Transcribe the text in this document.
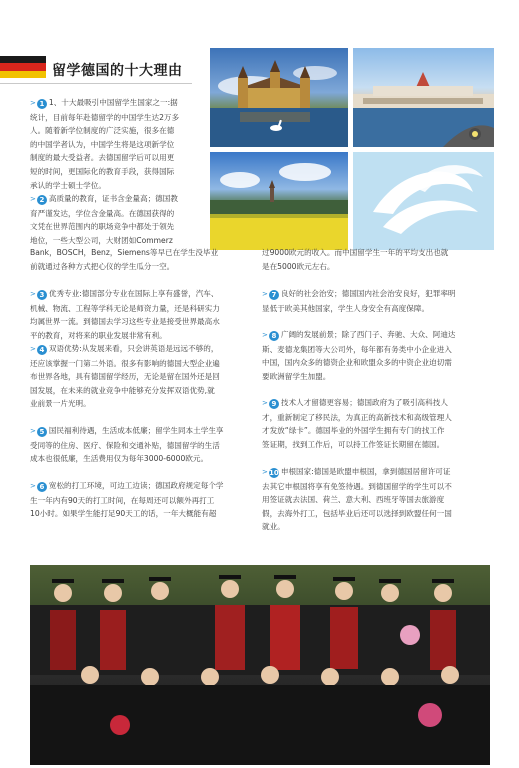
留学德国的十大理由
> 1 1、十大最吸引中国留学生国家之一:据
统计，目前每年赴德留学的中国学生达2万多
人。随着新学位制度的广泛实施，很多在德
的中国学者认为，中国学生将是这项新学位
制度的最大受益者。去德国留学后可以用更
短的时间，更国际化的教育手段，获得国际
承认的学士硕士学位。
> 2 高质量的教育，证书含金量高；德国教
育严谨发达，学位含金量高。在德国获得的
文凭在世界范围内的职场竞争中都处于领先
地位，一些大型公司，大财团如Commerz
Bank，BOSCH，Benz，Siemens等早已在学生没毕业
前就通过各种方式把心仪的学生瓜分一空。
> 3 优秀专业:德国部分专业在国际上享有盛誉，汽车、
机械、物流、工程等学科无论是师资力量，还是科研实力
均属世界一流。到德国去学习这些专业是接受世界最高水
平的教育，对将来的职业发展非常有利。
> 4 双语优势:从发展来看，只会讲英语是远远不够的，
还应该掌握一门第二外语。很多有影响的德国大型企业遍
布世界各地，具有德国留学经历，无论是留在国外还是回
国发展，在未来的就业竞争中能够充分发挥双语优势,就
业前景一片光明。
> 5 国民福利待遇，生活成本低廉；留学生同本土学生享
受同等的住房、医疗、保险和交通补贴，德国留学的生活
成本也很低廉，生活费用仅为每年3000-6000欧元。
> 6 宽松的打工环境，可边工边读；德国政府规定每个学
生一年内有90天的打工时间，在每周还可以额外再打工
10小时。如果学生能打足90天工的话，一年大概能有超
过9000欧元的收入。而中国留学生一年的平均支出也就
是在5000欧元左右。
> 7 良好的社会治安；德国国内社会治安良好，犯罪率明
显低于欧美其他国家，学生人身安全有高度保障。
> 8 广阔的发展前景；除了西门子、奔驰、大众、阿迪达
斯、麦德龙集团等大公司外，每年都有务类中小企业进入
中国，国内众多的德资企业和欧盟众多的中资企业迫切需
要欧洲留学生加盟。
> 9 技术人才留德更容易；德国政府为了吸引高科技人
才，重新制定了移民法，为真正的高新技术和高级管理人
才发放“绿卡”。德国毕业的外国学生拥有专门的找工作
签证期，找到工作后，可以持工作签证长期留在德国。
>10 申根国家:德国是欧盟申根国，拿到德国居留许可证
去其它申根国将享有免签待遇。到德国留学的学生可以不
用签证就去法国、荷兰、意大利、西班牙等国去旅游度
假，去海外打工，包括毕业后还可以选择到欧盟任何一国
就业。
